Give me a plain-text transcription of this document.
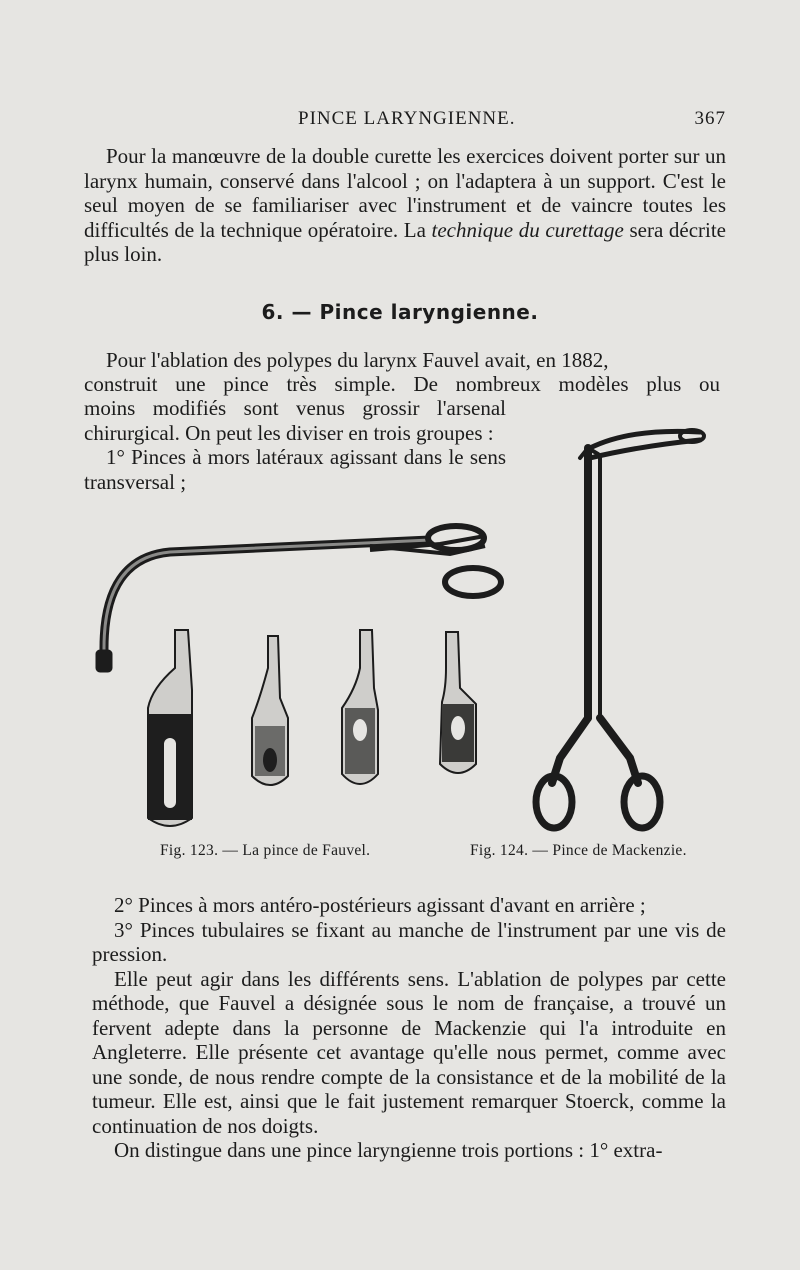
PINCE LARYNGIENNE.	367

Pour la manœuvre de la double curette les exercices doivent porter sur un larynx humain, conservé dans l'alcool ; on l'adaptera à un support. C'est le seul moyen de se familiariser avec l'instrument et de vaincre toutes les difficultés de la technique opératoire. La technique du curettage sera décrite plus loin.

6. — Pince laryngienne.

Pour l'ablation des polypes du larynx Fauvel avait, en 1882,

construit une pince très simple. De nombreux modèles plus ou

moins modifiés sont venus grossir l'arsenal chirurgical. On peut les diviser en trois groupes :

1° Pinces à mors latéraux agissant dans le sens transversal ;

Fig. 123. — La pince de Fauvel.	Fig. 124. — Pince de Mackenzie.

2° Pinces à mors antéro-postérieurs agissant d'avant en arrière ;

3° Pinces tubulaires se fixant au manche de l'instrument par une vis de pression.

Elle peut agir dans les différents sens. L'ablation de polypes par cette méthode, que Fauvel a désignée sous le nom de française, a trouvé un fervent adepte dans la personne de Mackenzie qui l'a introduite en Angleterre. Elle présente cet avantage qu'elle nous permet, comme avec une sonde, de nous rendre compte de la consistance et de la mobilité de la tumeur. Elle est, ainsi que le fait justement remarquer Stoerck, comme la continuation de nos doigts.

On distingue dans une pince laryngienne trois portions : 1° extra-
